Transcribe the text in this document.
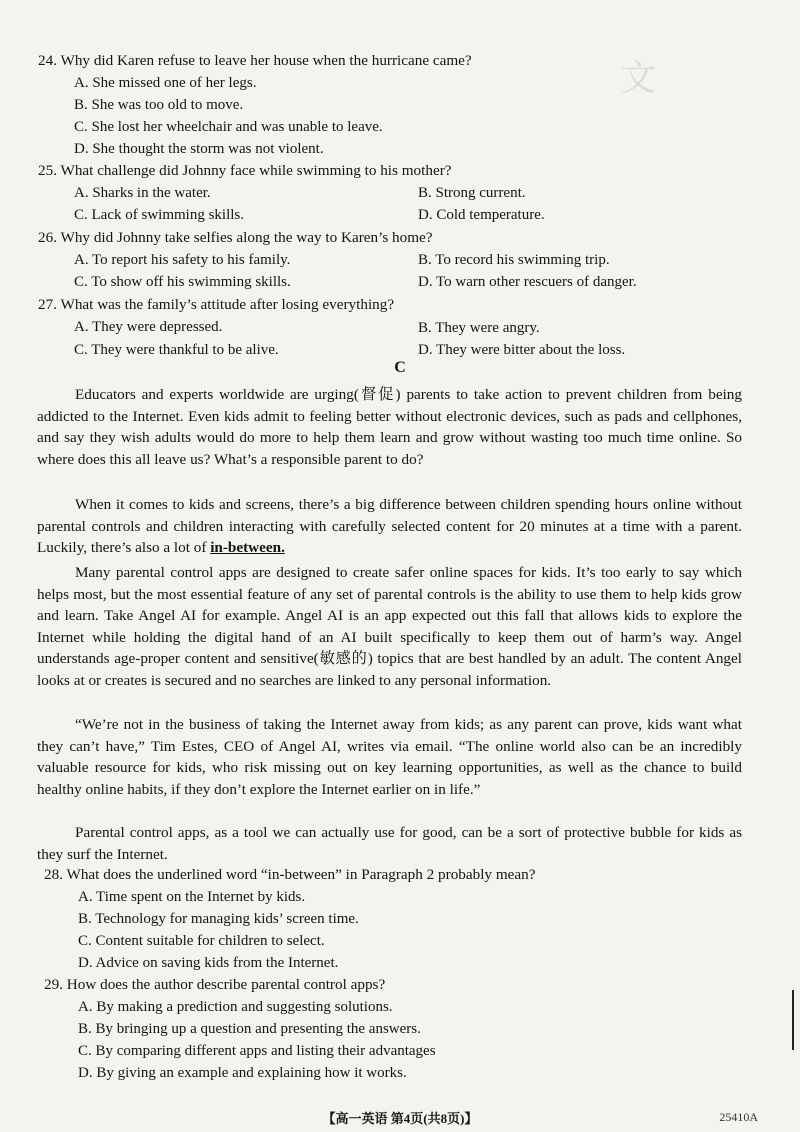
文
24. Why did Karen refuse to leave her house when the hurricane came?
A. She missed one of her legs.
B. She was too old to move.
C. She lost her wheelchair and was unable to leave.
D. She thought the storm was not violent.
25. What challenge did Johnny face while swimming to his mother?
A. Sharks in the water.	B. Strong current.
C. Lack of swimming skills.	D. Cold temperature.
26. Why did Johnny take selfies along the way to Karen’s home?
A. To report his safety to his family.	B. To record his swimming trip.
C. To show off his swimming skills.	D. To warn other rescuers of danger.
27. What was the family’s attitude after losing everything?
A. They were depressed.	B. They were angry.
C. They were thankful to be alive.	D. They were bitter about the loss.
C
Educators and experts worldwide are urging(督促) parents to take action to prevent children from being addicted to the Internet. Even kids admit to feeling better without electronic devices, such as pads and cellphones, and say they wish adults would do more to help them learn and grow without wasting too much time online. So where does this all leave us? What’s a responsible parent to do?
When it comes to kids and screens, there’s a big difference between children spending hours online without parental controls and children interacting with carefully selected content for 20 minutes at a time with a parent. Luckily, there’s also a lot of in-between.
Many parental control apps are designed to create safer online spaces for kids. It’s too early to say which helps most, but the most essential feature of any set of parental controls is the ability to use them to help kids grow and learn. Take Angel AI for example. Angel AI is an app expected out this fall that allows kids to explore the Internet while holding the digital hand of an AI built specifically to keep them out of harm’s way. Angel understands age-proper content and sensitive(敏感的) topics that are best handled by an adult. The content Angel looks at or creates is secured and no searches are linked to any personal information.
“We’re not in the business of taking the Internet away from kids; as any parent can prove, kids want what they can’t have,” Tim Estes, CEO of Angel AI, writes via email. “The online world also can be an incredibly valuable resource for kids, who risk missing out on key learning opportunities, as well as the chance to build healthy online habits, if they don’t explore the Internet earlier on in life.”
Parental control apps, as a tool we can actually use for good, can be a sort of protective bubble for kids as they surf the Internet.
28. What does the underlined word “in-between” in Paragraph 2 probably mean?
A. Time spent on the Internet by kids.
B. Technology for managing kids’ screen time.
C. Content suitable for children to select.
D. Advice on saving kids from the Internet.
29. How does the author describe parental control apps?
A. By making a prediction and suggesting solutions.
B. By bringing up a question and presenting the answers.
C. By comparing different apps and listing their advantages
D. By giving an example and explaining how it works.
【高一英语 第4页(共8页)】	25410A
